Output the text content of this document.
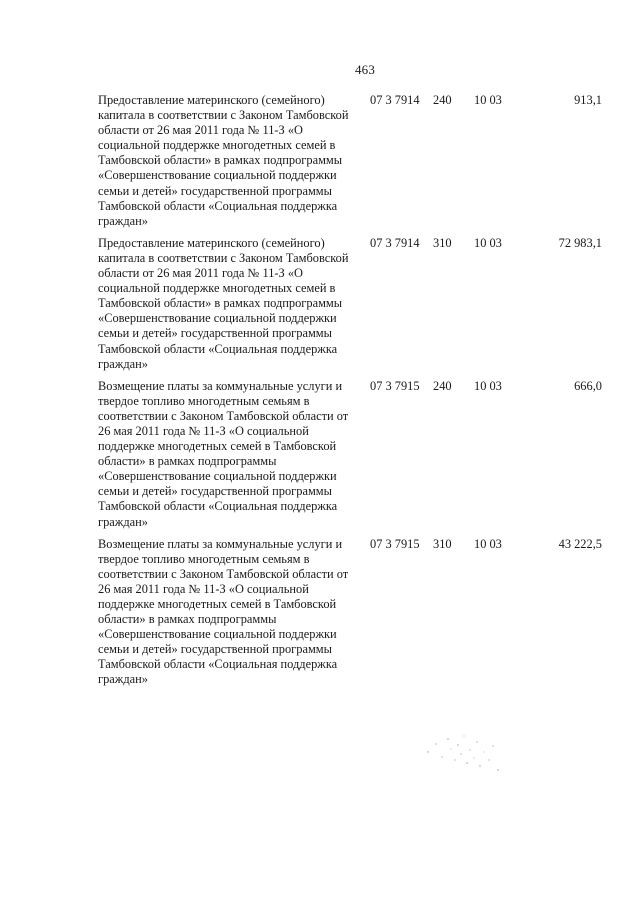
463

Предоставление материнского (семейного) капитала в соответствии с Законом Тамбовской области от 26 мая 2011 года № 11-З «О социальной поддержке многодетных семей в Тамбовской области» в рамках подпрограммы «Совершенствование социальной поддержки семьи и детей» государственной программы Тамбовской области «Социальная поддержка граждан»

07 3 7914 240 10 03	913,1

Предоставление материнского (семейного) капитала в соответствии с Законом Тамбовской области от 26 мая 2011 года № 11-З «О социальной поддержке многодетных семей в Тамбовской области» в рамках подпрограммы «Совершенствование социальной поддержки семьи и детей» государственной программы Тамбовской области «Социальная поддержка граждан»

07 3 7914 310 10 03	72 983,1

Возмещение платы за коммунальные услуги и твердое топливо многодетным семьям в соответствии с Законом Тамбовской области от 26 мая 2011 года № 11-З «О социальной поддержке многодетных семей в Тамбовской области» в рамках подпрограммы «Совершенствование социальной поддержки семьи и детей» государственной программы Тамбовской области «Социальная поддержка граждан»

07 3 7915 240 10 03	666,0

Возмещение платы за коммунальные услуги и твердое топливо многодетным семьям в соответствии с Законом Тамбовской области от 26 мая 2011 года № 11-З «О социальной поддержке многодетных семей в Тамбовской области» в рамках подпрограммы «Совершенствование социальной поддержки семьи и детей» государственной программы Тамбовской области «Социальная поддержка граждан»

07 3 7915 310 10 03	43 222,5
